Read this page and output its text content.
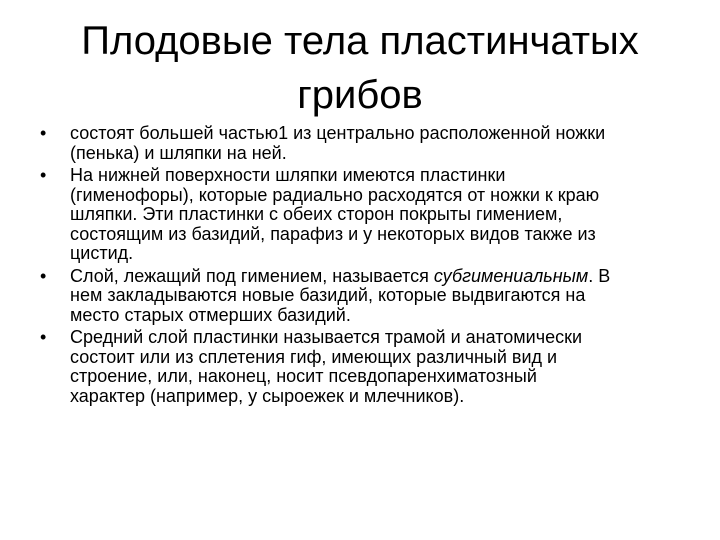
Плодовые тела пластинчатых
грибов
•	состоят большей частью1 из центрально расположенной ножки
(пенька) и шляпки на ней.
•	На нижней поверхности шляпки имеются пластинки
(гименофоры), которые радиально расходятся от ножки к краю
шляпки. Эти пластинки с обеих сторон покрыты гимением,
состоящим из базидий, парафиз и у некоторых видов также из
цистид.
•	Слой, лежащий под гимением, называется субгимениальным. В
нем закладываются новые базидий, которые выдвигаются на
место старых отмерших базидий.
•	Средний слой пластинки называется трамой и анатомически
состоит или из сплетения гиф, имеющих различный вид и
строение, или, наконец, носит псевдопаренхиматозный
характер (например, у сыроежек и млечников).
